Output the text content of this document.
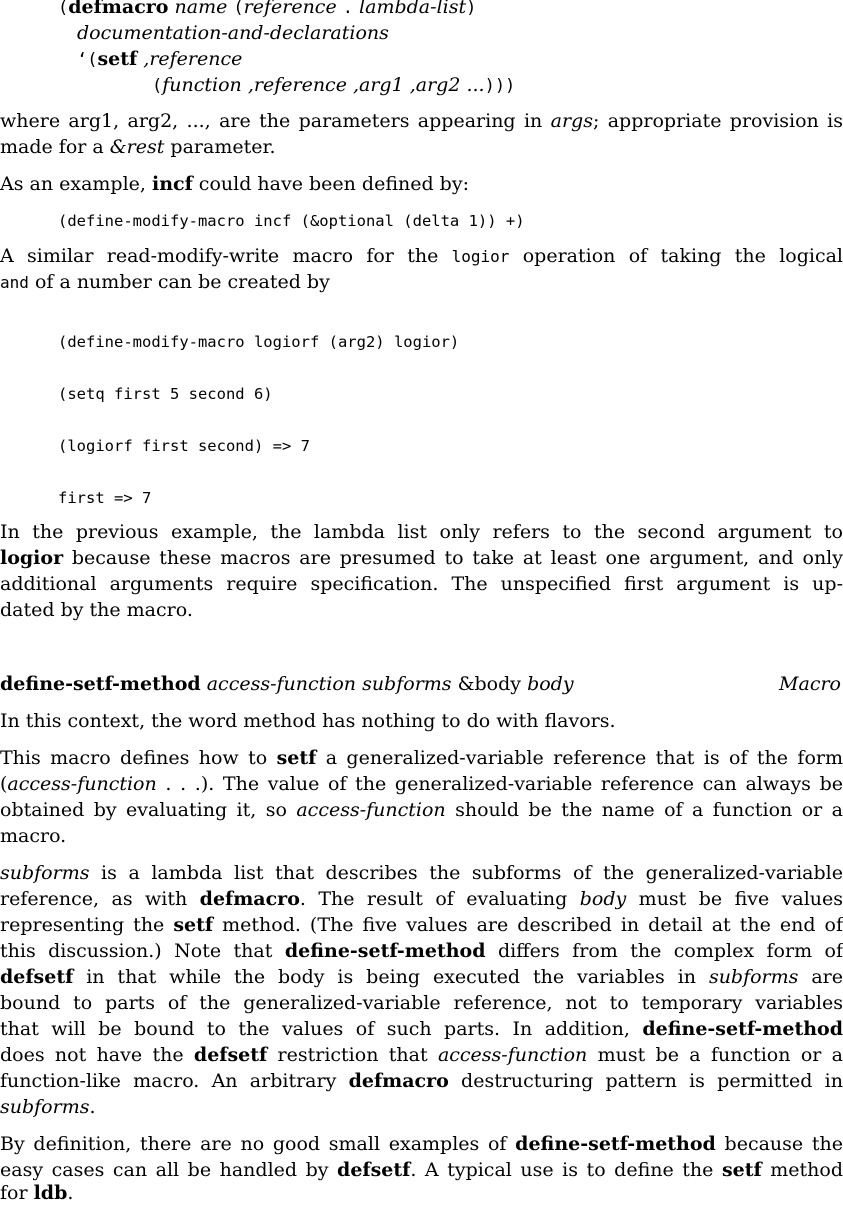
(defmacro name (reference . lambda-list)
documentation-and-declarations
‘(setf ,reference
(function ,reference ,arg1 ,arg2 ...)))
where arg1, arg2, ..., are the parameters appearing in args; appropriate provision is
made for a &rest parameter.
As an example, incf could have been defined by:
(define-modify-macro incf (&optional (delta 1)) +)
A similar read-modify-write macro for the logior operation of taking the logical
and of a number can be created by
(define-modify-macro logiorf (arg2) logior)
(setq first 5 second 6)
(logiorf first second) => 7
first => 7
In the previous example, the lambda list only refers to the second argument to
logior because these macros are presumed to take at least one argument, and only
additional arguments require specification. The unspecified first argument is up-
dated by the macro.
define-setf-method access-function subforms &body body	Macro
In this context, the word method has nothing to do with flavors.
This macro defines how to setf a generalized-variable reference that is of the form
(access-function . . .). The value of the generalized-variable reference can always be
obtained by evaluating it, so access-function should be the name of a function or a
macro.
subforms is a lambda list that describes the subforms of the generalized-variable
reference, as with defmacro. The result of evaluating body must be five values
representing the setf method. (The five values are described in detail at the end of
this discussion.) Note that define-setf-method differs from the complex form of
defsetf in that while the body is being executed the variables in subforms are
bound to parts of the generalized-variable reference, not to temporary variables
that will be bound to the values of such parts. In addition, define-setf-method
does not have the defsetf restriction that access-function must be a function or a
function-like macro. An arbitrary defmacro destructuring pattern is permitted in
subforms.
By definition, there are no good small examples of define-setf-method because the
easy cases can all be handled by defsetf. A typical use is to define the setf method
for ldb.
